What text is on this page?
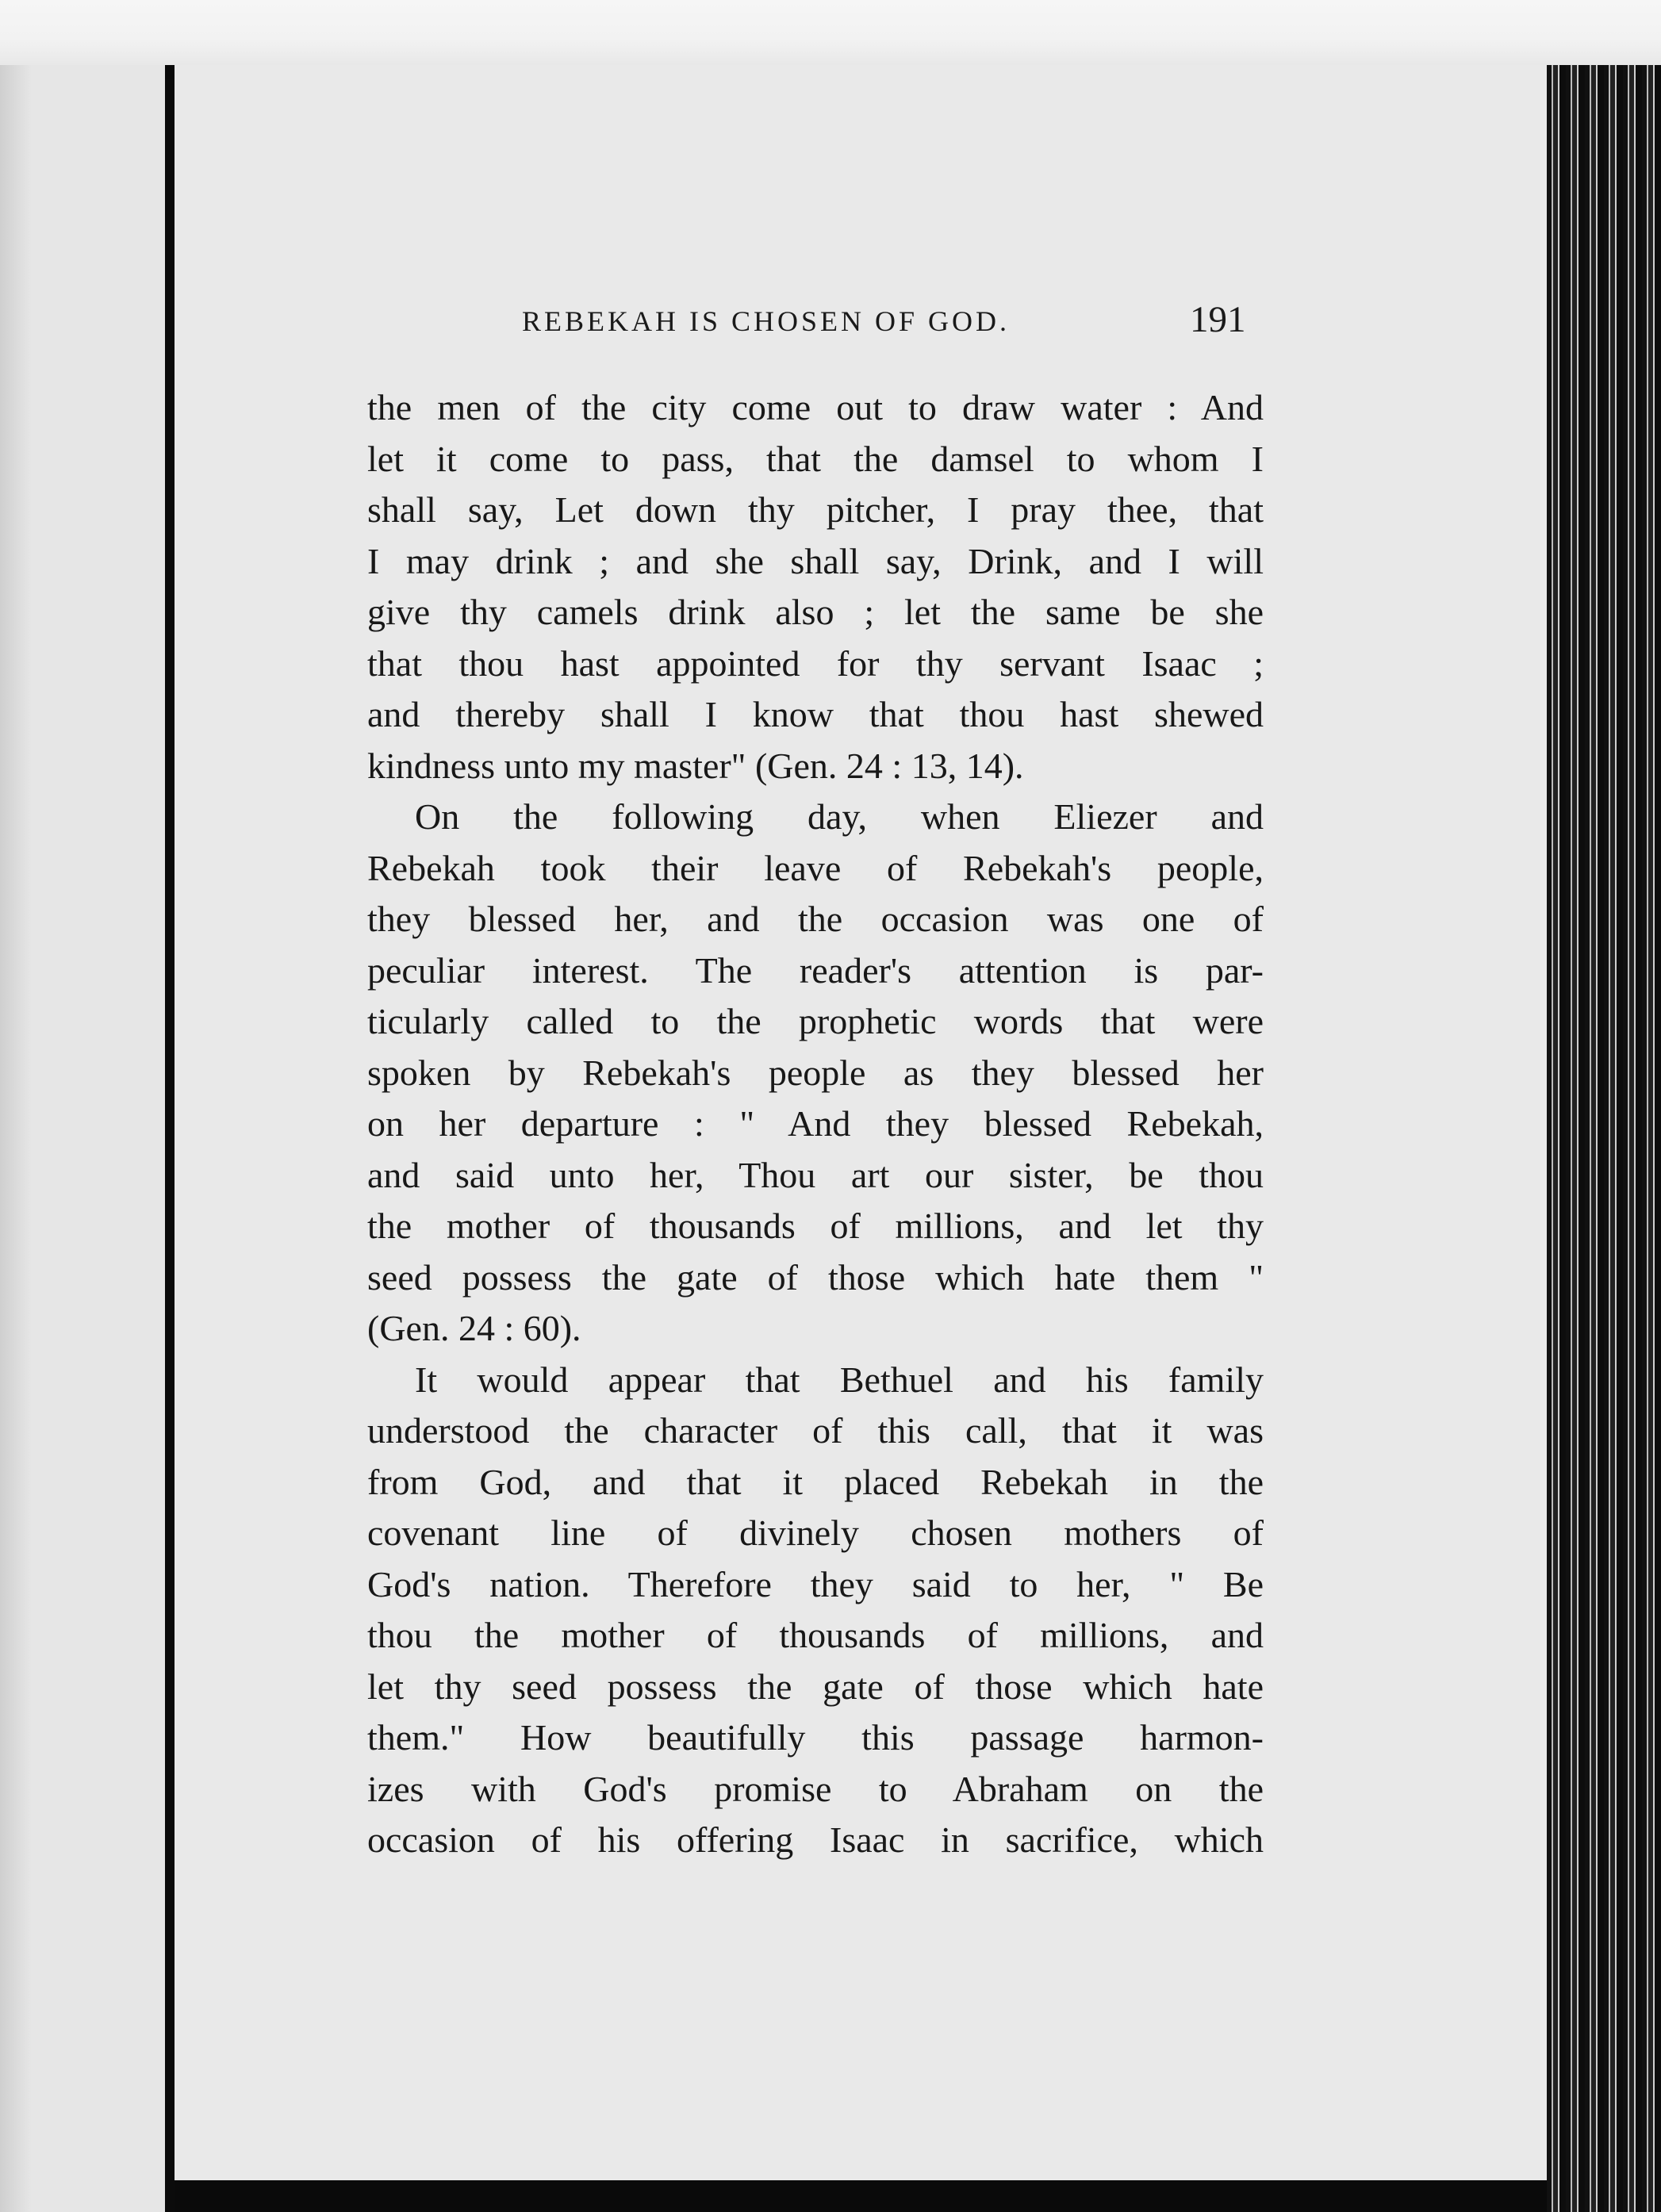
REBEKAH IS CHOSEN OF GOD.	191
the men of the city come out to draw water : And
let it come to pass, that the damsel to whom I
shall say, Let down thy pitcher, I pray thee, that
I may drink ; and she shall say, Drink, and I will
give thy camels drink also ; let the same be she
that thou hast appointed for thy servant Isaac ;
and thereby shall I know that thou hast shewed
kindness unto my master" (Gen. 24 : 13, 14).
On the following day, when Eliezer and
Rebekah took their leave of Rebekah's people,
they blessed her, and the occasion was one of
peculiar interest. The reader's attention is par-
ticularly called to the prophetic words that were
spoken by Rebekah's people as they blessed her
on her departure : " And they blessed Rebekah,
and said unto her, Thou art our sister, be thou
the mother of thousands of millions, and let thy
seed possess the gate of those which hate them "
(Gen. 24 : 60).
It would appear that Bethuel and his family
understood the character of this call, that it was
from God, and that it placed Rebekah in the
covenant line of divinely chosen mothers of
God's nation. Therefore they said to her, " Be
thou the mother of thousands of millions, and
let thy seed possess the gate of those which hate
them." How beautifully this passage harmon-
izes with God's promise to Abraham on the
occasion of his offering Isaac in sacrifice, which
